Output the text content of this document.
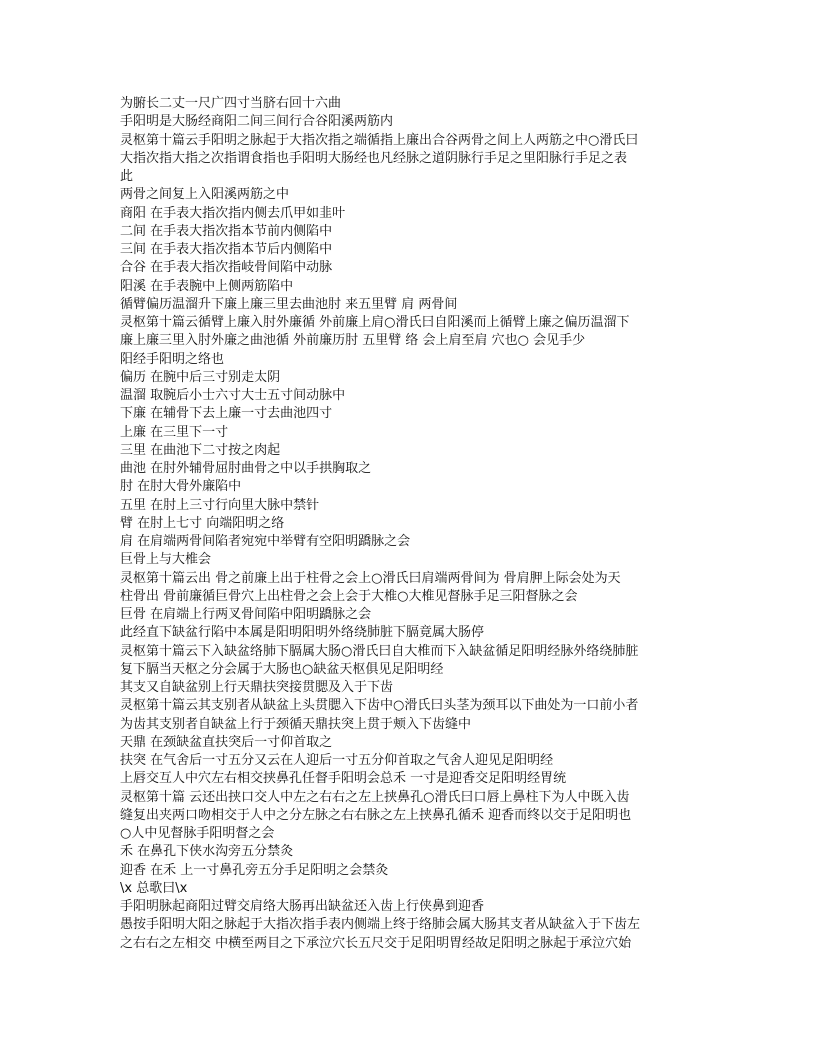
为腑长二丈一尺广四寸当脐右回十六曲
手阳明是大肠经商阳二间三间行合谷阳溪两筋内
灵枢第十篇云手阳明之脉起于大指次指之端循指上廉出合谷两骨之间上人两筋之中○滑氏曰
大指次指大指之次指谓食指也手阳明大肠经也凡经脉之道阴脉行手足之里阳脉行手足之表
此
两骨之间复上入阳溪两筋之中
商阳 在手表大指次指内侧去爪甲如韭叶
二间 在手表大指次指本节前内侧陷中
三间 在手表大指次指本节后内侧陷中
合谷 在手表大指次指岐骨间陷中动脉
阳溪 在手表腕中上侧两筋陷中
循臂偏历温溜升下廉上廉三里去曲池肘 来五里臂 肩 两骨间
灵枢第十篇云循臂上廉入肘外廉循 外前廉上肩○滑氏曰自阳溪而上循臂上廉之偏历温溜下
廉上廉三里入肘外廉之曲池循 外前廉历肘 五里臂 络 会上肩至肩 穴也○ 会见手少
阳经手阳明之络也
偏历 在腕中后三寸别走太阴
温溜 取腕后小士六寸大士五寸间动脉中
下廉 在辅骨下去上廉一寸去曲池四寸
上廉 在三里下一寸
三里 在曲池下二寸按之肉起
曲池 在肘外辅骨屈肘曲骨之中以手拱胸取之
肘 在肘大骨外廉陷中
五里 在肘上三寸行向里大脉中禁针
臂 在肘上七寸 向端阳明之络
肩 在肩端两骨间陷者宛宛中举臂有空阳明蹻脉之会
巨骨上与大椎会
灵枢第十篇云出 骨之前廉上出于柱骨之会上○滑氏曰肩端两骨间为 骨肩胛上际会处为天
柱骨出 骨前廉循巨骨穴上出柱骨之会上会于大椎○大椎见督脉手足三阳督脉之会
巨骨 在肩端上行两叉骨间陷中阳明蹻脉之会
此经直下缺盆行陷中本属是阳明阳明外络绕肺脏下膈竟属大肠停
灵枢第十篇云下入缺盆络肺下膈属大肠○滑氏曰自大椎而下入缺盆循足阳明经脉外络绕肺脏
复下膈当天枢之分会属于大肠也○缺盆天枢俱见足阳明经
其支又自缺盆别上行天鼎扶突接贯腮及入于下齿
灵枢第十篇云其支别者从缺盆上头贯腮入下齿中○滑氏曰头茎为颈耳以下曲处为一口前小者
为齿其支别者自缺盆上行于颈循天鼎扶突上贯于颊入下齿缝中
天鼎 在颈缺盆直扶突后一寸仰首取之
扶突 在气舍后一寸五分又云在人迎后一寸五分仰首取之气舍人迎见足阳明经
上唇交互人中穴左右相交挟鼻孔任督手阳明会总禾 一寸是迎香交足阳明经胃统
灵枢第十篇 云还出挟口交人中左之右右之左上挟鼻孔○滑氏曰口唇上鼻柱下为人中既入齿
缝复出夹两口吻相交于人中之分左脉之右右脉之左上挟鼻孔循禾 迎香而终以交于足阳明也
○人中见督脉手阳明督之会
禾 在鼻孔下侠水沟旁五分禁灸
迎香 在禾 上一寸鼻孔旁五分手足阳明之会禁灸
\x 总歌曰\x
手阳明脉起商阳过臂交肩络大肠再出缺盆还入齿上行侠鼻到迎香
愚按手阳明大阳之脉起于大指次指手表内侧端上终于络肺会属大肠其支者从缺盆入于下齿左
之右右之左相交 中横至两目之下承泣穴长五尺交于足阳明胃经故足阳明之脉起于承泣穴始
